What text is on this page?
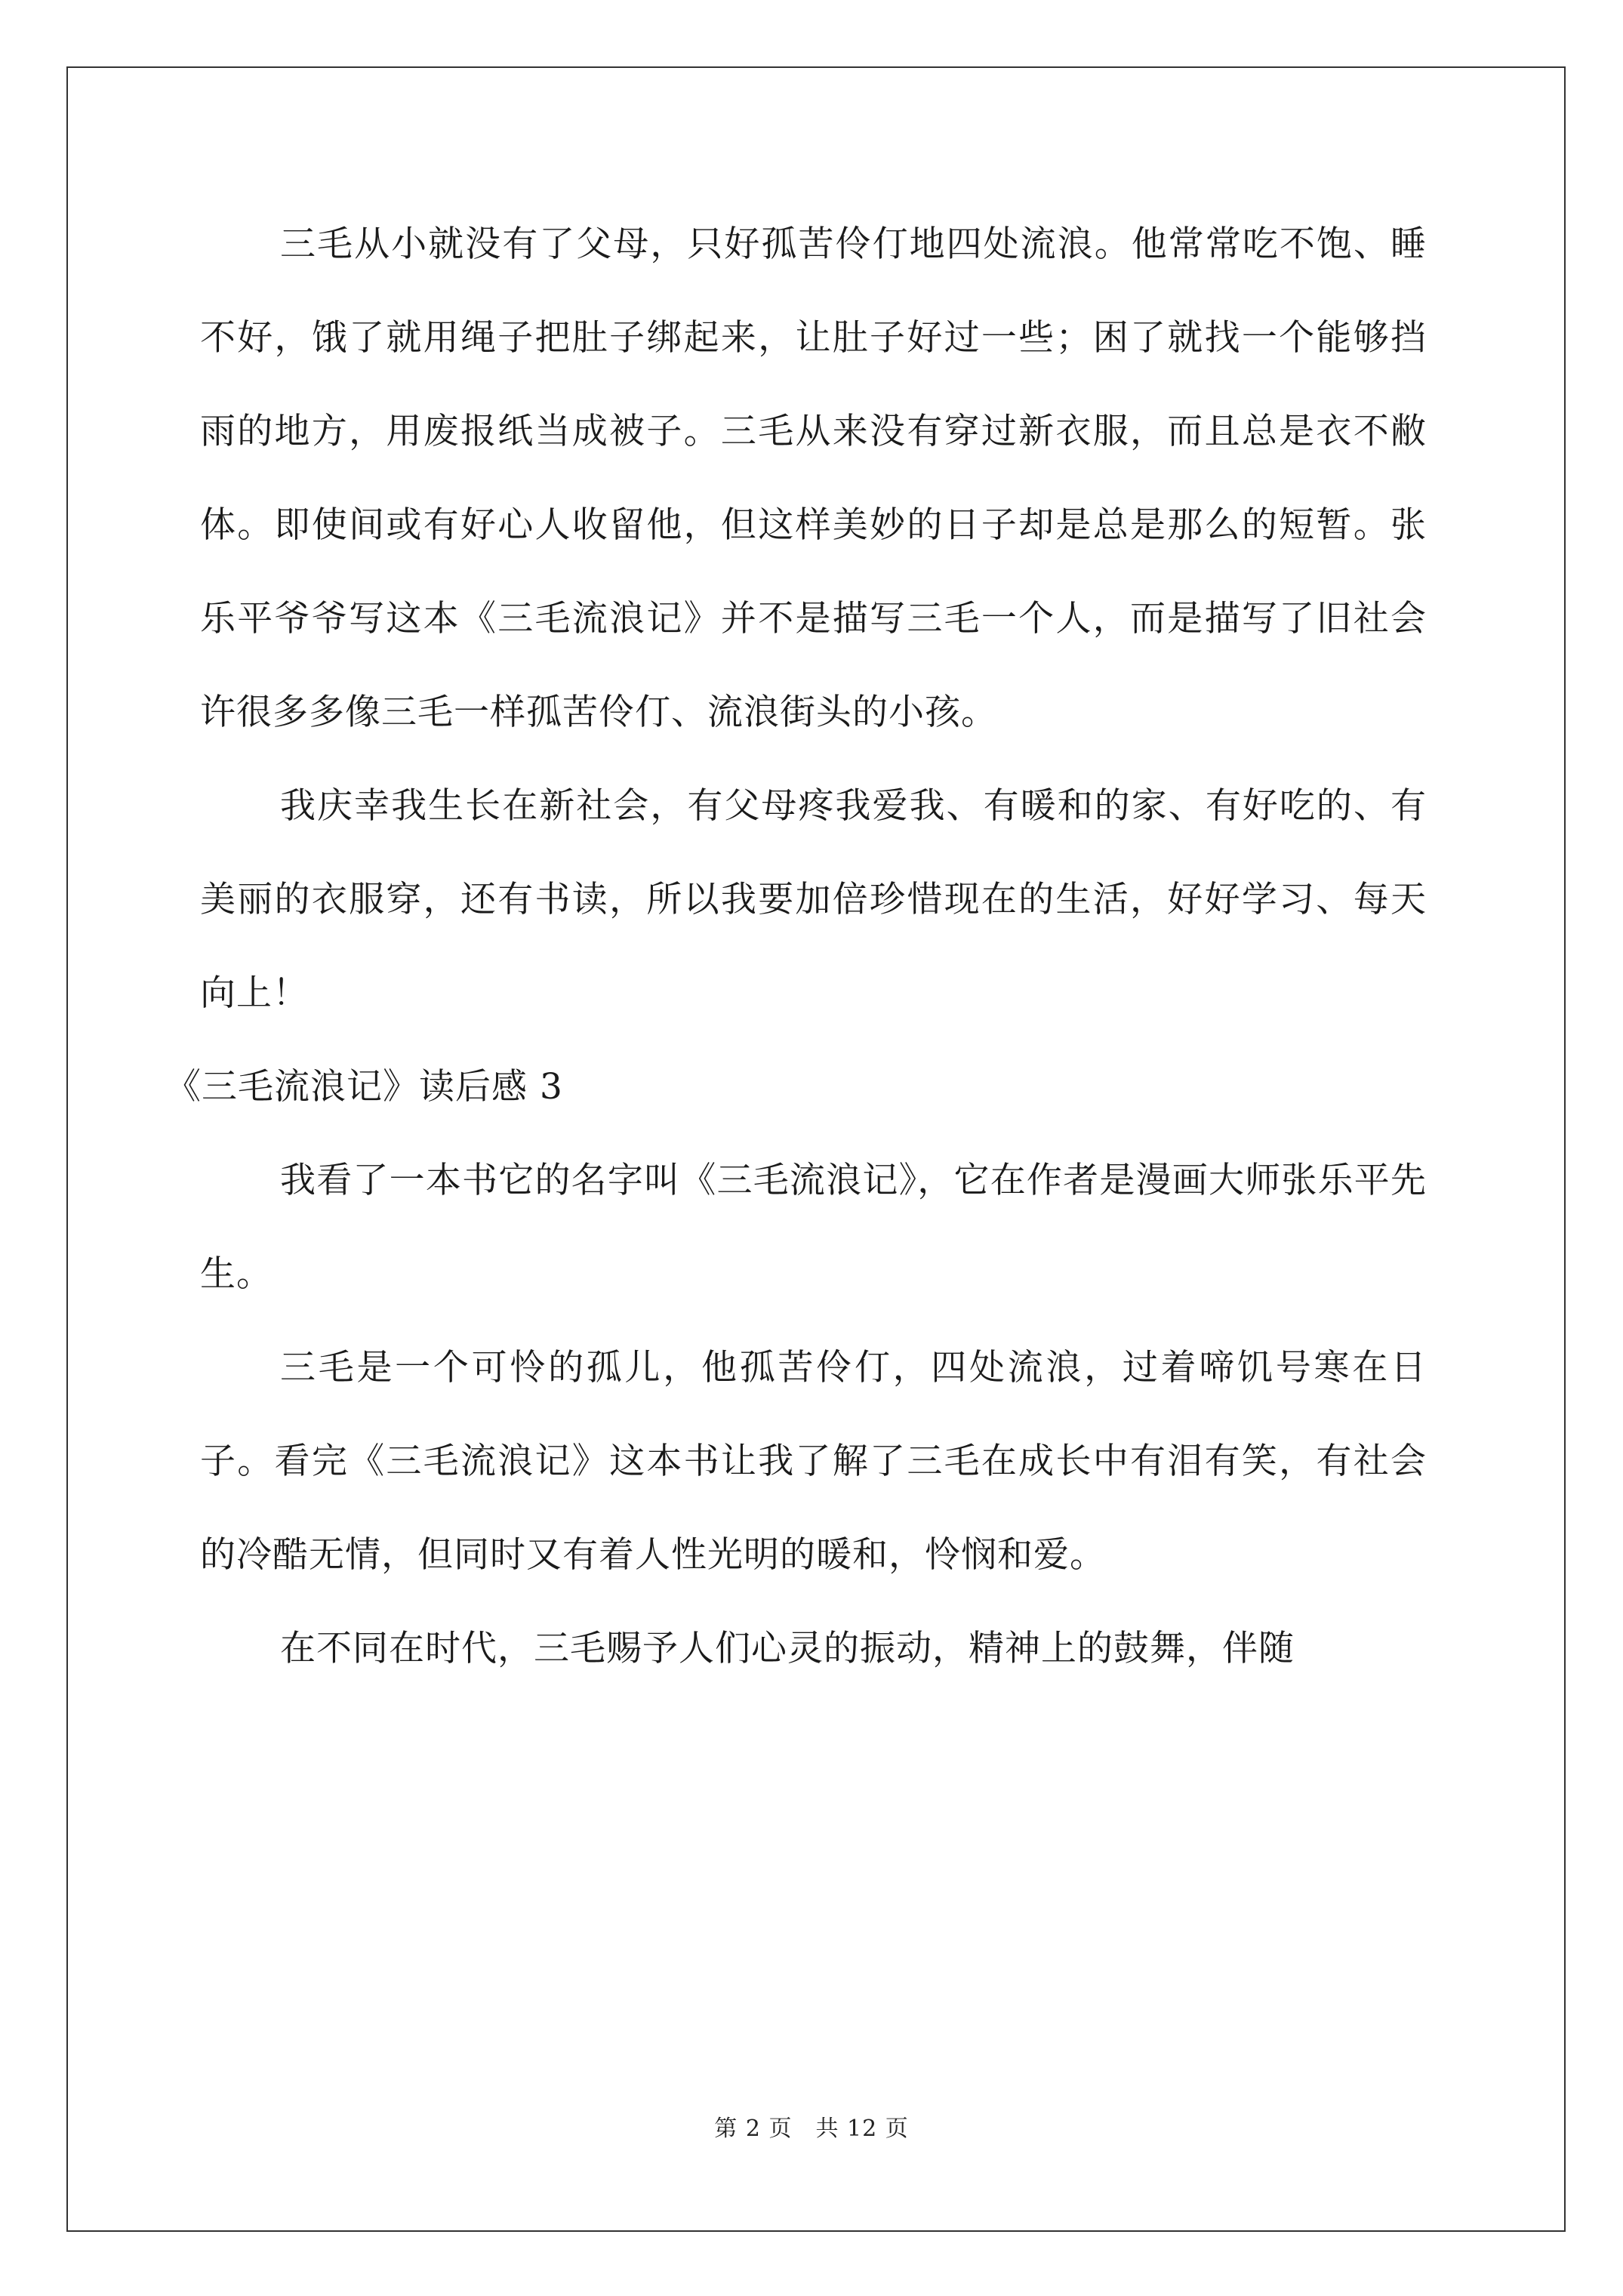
三毛从小就没有了父母，只好孤苦伶仃地四处流浪。他常常吃不饱、睡不好，饿了就用绳子把肚子绑起来，让肚子好过一些；困了就找一个能够挡雨的地方，用废报纸当成被子。三毛从来没有穿过新衣服，而且总是衣不敝体。即使间或有好心人收留他，但这样美妙的日子却是总是那么的短暂。张乐平爷爷写这本《三毛流浪记》并不是描写三毛一个人，而是描写了旧社会许很多多像三毛一样孤苦伶仃、流浪街头的小孩。

我庆幸我生长在新社会，有父母疼我爱我、有暖和的家、有好吃的、有美丽的衣服穿，还有书读，所以我要加倍珍惜现在的生活，好好学习、每天向上！

《三毛流浪记》读后感 3

我看了一本书它的名字叫《三毛流浪记》，它在作者是漫画大师张乐平先生。

三毛是一个可怜的孤儿，他孤苦伶仃，四处流浪，过着啼饥号寒在日子。看完《三毛流浪记》这本书让我了解了三毛在成长中有泪有笑，有社会的冷酷无情，但同时又有着人性光明的暖和，怜悯和爱。

在不同在时代，三毛赐予人们心灵的振动，精神上的鼓舞，伴随

第 2 页　共 12 页
